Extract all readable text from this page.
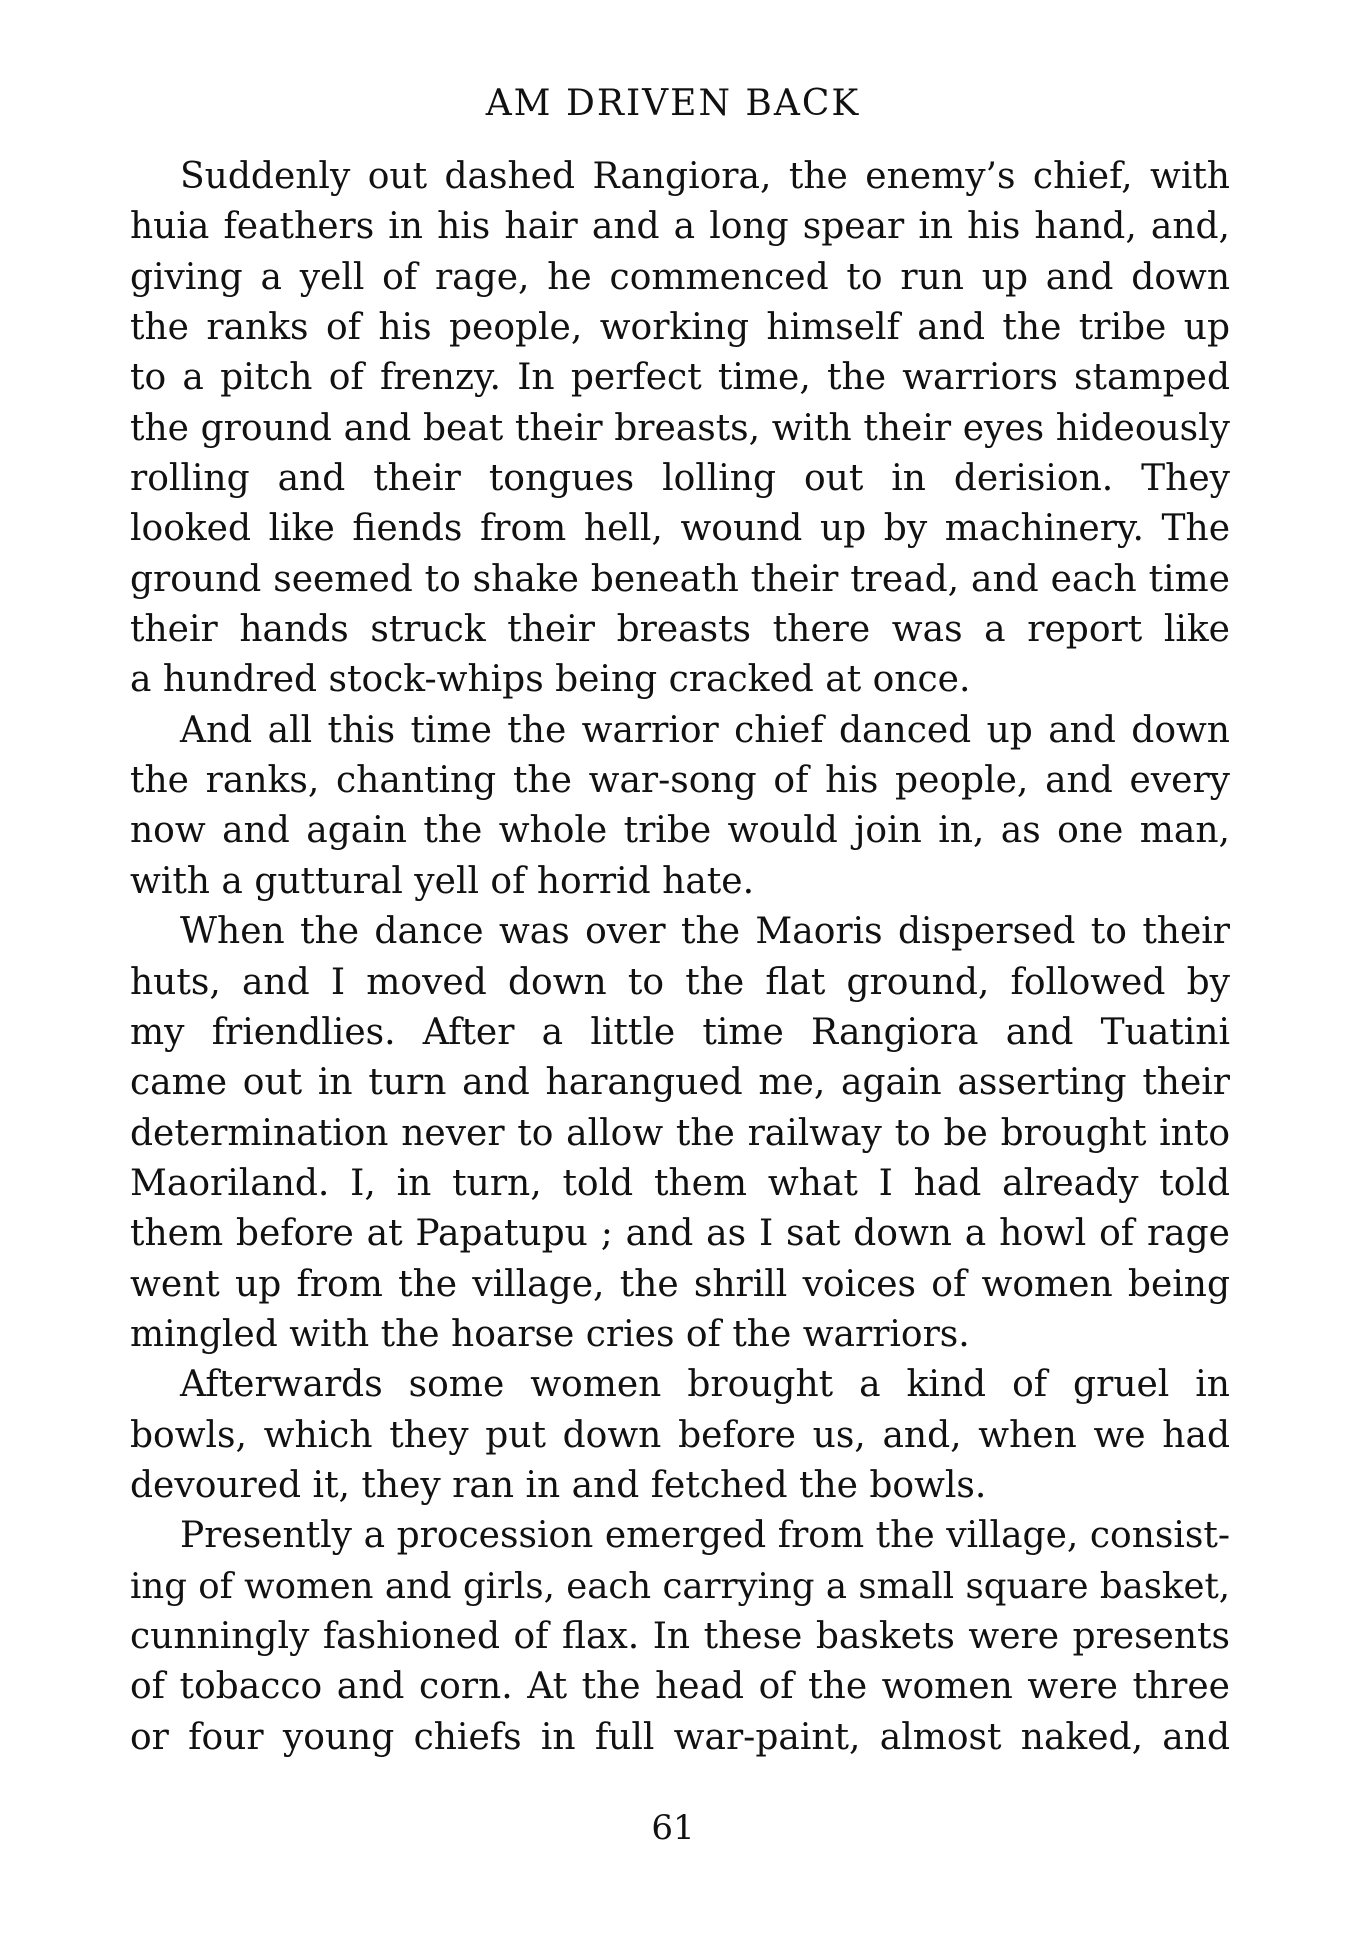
AM DRIVEN BACK
Suddenly out dashed Rangiora, the enemy’s chief, with
huia feathers in his hair and a long spear in his hand, and,
giving a yell of rage, he commenced to run up and down
the ranks of his people, working himself and the tribe up
to a pitch of frenzy. In perfect time, the warriors stamped
the ground and beat their breasts, with their eyes hideously
rolling and their tongues lolling out in derision. They
looked like fiends from hell, wound up by machinery. The
ground seemed to shake beneath their tread, and each time
their hands struck their breasts there was a report like
a hundred stock-whips being cracked at once.
And all this time the warrior chief danced up and down
the ranks, chanting the war-song of his people, and every
now and again the whole tribe would join in, as one man,
with a guttural yell of horrid hate.
When the dance was over the Maoris dispersed to their
huts, and I moved down to the flat ground, followed by
my friendlies. After a little time Rangiora and Tuatini
came out in turn and harangued me, again asserting their
determination never to allow the railway to be brought into
Maoriland. I, in turn, told them what I had already told
them before at Papatupu ; and as I sat down a howl of rage
went up from the village, the shrill voices of women being
mingled with the hoarse cries of the warriors.
Afterwards some women brought a kind of gruel in
bowls, which they put down before us, and, when we had
devoured it, they ran in and fetched the bowls.
Presently a procession emerged from the village, consist-
ing of women and girls, each carrying a small square basket,
cunningly fashioned of flax. In these baskets were presents
of tobacco and corn. At the head of the women were three
or four young chiefs in full war-paint, almost naked, and
61
